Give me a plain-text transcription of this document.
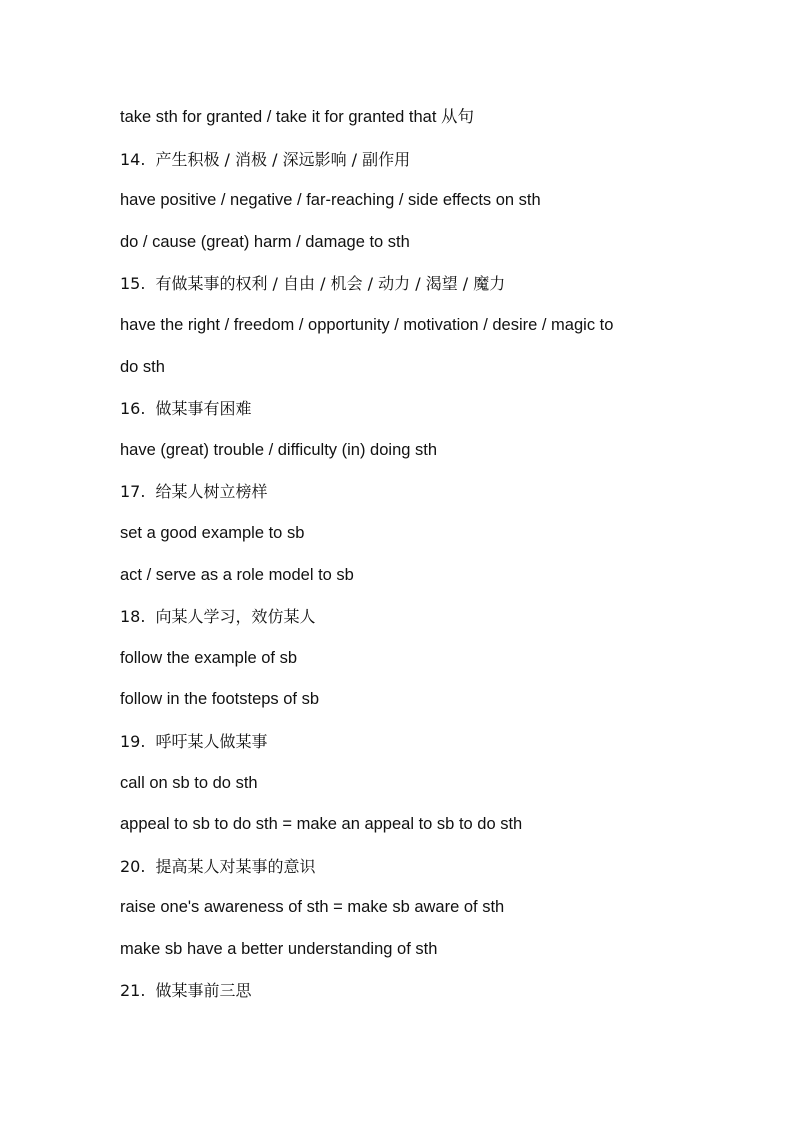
take sth for granted / take it for granted that 从句
14. 产生积极 / 消极 / 深远影响 / 副作用
have positive / negative / far-reaching / side effects on sth
do / cause (great) harm / damage to sth
15. 有做某事的权利 / 自由 / 机会 / 动力 / 渴望 / 魔力
have the right / freedom / opportunity / motivation / desire / magic to
do sth
16. 做某事有困难
have (great) trouble / difficulty (in) doing sth
17. 给某人树立榜样
set a good example to sb
act / serve as a role model to sb
18. 向某人学习，效仿某人
follow the example of sb
follow in the footsteps of sb
19. 呼吁某人做某事
call on sb to do sth
appeal to sb to do sth = make an appeal to sb to do sth
20. 提高某人对某事的意识
raise one's awareness of sth = make sb aware of sth
make sb have a better understanding of sth
21. 做某事前三思
